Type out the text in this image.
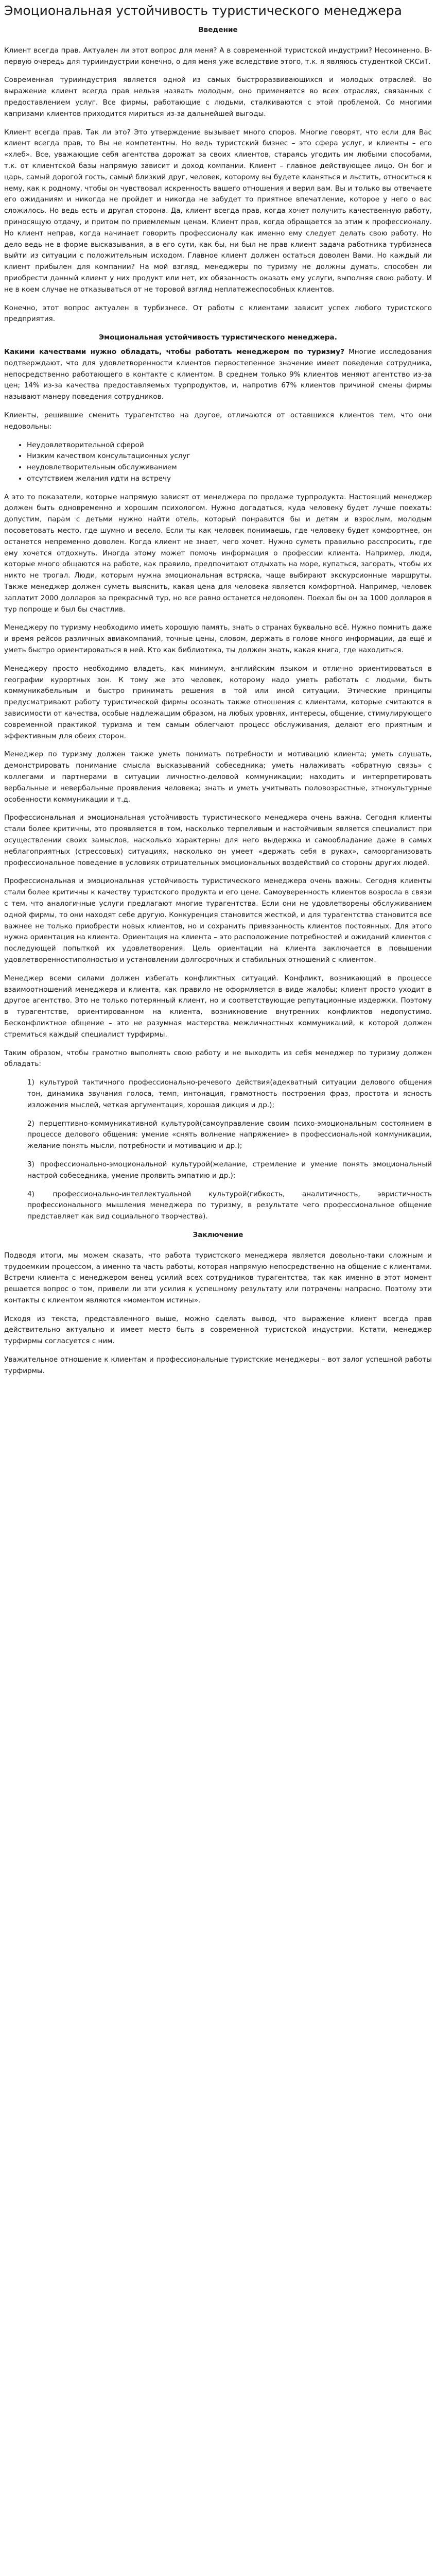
Эмоциональная устойчивость туристического менеджера
Введение

Клиент всегда прав. Актуален ли этот вопрос для меня? А в современной туристской индустрии? Несомненно. В-первую очередь для турииндустрии конечно, о для меня уже вследствие этого, т.к. я являюсь студенткой СКСиТ.

Современная турииндустрия является одной из самых быстроразвивающихся и молодых отраслей. Во выражение клиент всегда прав нельзя назвать молодым, оно применяется во всех отраслях, связанных с предоставлением услуг. Все фирмы, работающие с людьми, сталкиваются с этой проблемой. Со многими капризами клиентов приходится мириться из-за дальнейшей выгоды.

Клиент всегда прав. Так ли это? Это утверждение вызывает много споров. Многие говорят, что если для Вас клиент всегда прав, то Вы не компетентны. Но ведь туристский бизнес – это сфера услуг, и клиенты – его «хлеб». Все, уважающие себя агентства дорожат за своих клиентов, стараясь угодить им любыми способами, т.к. от клиентской базы напрямую зависит и доход компании. Клиент – главное действующее лицо. Он бог и царь, самый дорогой гость, самый близкий друг, человек, которому вы будете кланяться и льстить, относиться к нему, как к родному, чтобы он чувствовал искренность вашего отношения и верил вам. Вы и только вы отвечаете его ожиданиям и никогда не пройдет и никогда не забудет то приятное впечатление, которое у него о вас сложилось. Но ведь есть и другая сторона. Да, клиент всегда прав, когда хочет получить качественную работу, приносящую отдачу, и притом по приемлемым ценам. Клиент прав, когда обращается за этим к профессионалу. Но клиент неправ, когда начинает говорить профессионалу как именно ему следует делать свою работу. Но дело ведь не в форме высказывания, а в его сути, как бы, ни был не прав клиент задача работника турбизнеса выйти из ситуации с положительным исходом. Главное клиент должен остаться доволен Вами. Но каждый ли клиент прибылен для компании? На мой взгляд, менеджеры по туризму не должны думать, способен ли приобрести данный клиент у них продукт или нет, их обязанность оказать ему услуги, выполняя свою работу. И не в коем случае не отказываться от не торовой взгляд неплатежеспособных клиентов.

Конечно, этот вопрос актуален в турбизнесе. От работы с клиентами зависит успех любого туристского предприятия.

Эмоциональная устойчивость туристического менеджера.

Какими качествами нужно обладать, чтобы работать менеджером по туризму? Многие исследования подтверждают, что для удовлетворенности клиентов первостепенное значение имеет поведение сотрудника, непосредственно работающего в контакте с клиентом. В среднем только 9% клиентов меняют агентство из-за цен; 14% из-за качества предоставляемых турпродуктов, и, напротив 67% клиентов причиной смены фирмы называют манеру поведения сотрудников.

Клиенты, решившие сменить турагентство на другое, отличаются от оставшихся клиентов тем, что они недовольны:

• Неудовлетворительной сферой
• Низким качеством консультационных услуг
• неудовлетворительным обслуживанием
• отсутствием желания идти на встречу

А это то показатели, которые напрямую зависят от менеджера по продаже турпродукта. Настоящий менеджер должен быть одновременно и хорошим психологом. Нужно догадаться, куда человеку будет лучше поехать: допустим, парам с детьми нужно найти отель, который понравится бы и детям и взрослым, молодым посоветовать место, где шумно и весело. Если ты как человек понимаешь, где человеку будет комфортнее, он останется непременно доволен. Когда клиент не знает, чего хочет. Нужно суметь правильно расспросить, где ему хочется отдохнуть. Иногда этому может помочь информация о профессии клиента. Например, люди, которые много общаются на работе, как правило, предпочитают отдыхать на море, купаться, загорать, чтобы их никто не трогал. Люди, которым нужна эмоциональная встряска, чаще выбирают экскурсионные маршруты. Также менеджер должен суметь выяснить, какая цена для человека является комфортной. Например, человек заплатит 2000 долларов за прекрасный тур, но все равно останется недоволен. Поехал бы он за 1000 долларов в тур попроще и был бы счастлив.

Менеджеру по туризму необходимо иметь хорошую память, знать о странах буквально всё. Нужно помнить даже и время рейсов различных авиакомпаний, точные цены, словом, держать в голове много информации, да ещё и уметь быстро ориентироваться в ней. Кто как библиотека, ты должен знать, какая книга, где находиться.

Менеджеру просто необходимо владеть, как минимум, английским языком и отлично ориентироваться в географии курортных зон. К тому же это человек, которому надо уметь работать с людьми, быть коммуникабельным и быстро принимать решения в той или иной ситуации. Этические принципы предусматривают работу туристической фирмы осознать также отношения с клиентами, которые считаются в зависимости от качества, особые надлежащим образом, на любых уровнях, интересы, общение, стимулирующего современной практикой туризма и тем самым облегчают процесс обслуживания, делают его приятным и эффективным для обеих сторон.

Менеджер по туризму должен также уметь понимать потребности и мотивацию клиента; уметь слушать, демонстрировать понимание смысла высказываний собеседника; уметь налаживать «обратную связь» с коллегами и партнерами в ситуации личностно-деловой коммуникации; находить и интерпретировать вербальные и невербальные проявления человека; знать и уметь учитывать половозрастные, этнокультурные особенности коммуникации и т.д.

Профессиональная и эмоциональная устойчивость туристического менеджера очень важна. Сегодня клиенты стали более критичны, это проявляется в том, насколько терпеливым и настойчивым является специалист при осуществлении своих замыслов, насколько характерны для него выдержка и самообладание даже в самых неблагоприятных (стрессовых) ситуациях, насколько он умеет «держать себя в руках», самоорганизовать профессиональное поведение в условиях отрицательных эмоциональных воздействий со стороны других людей.

Профессиональная и эмоциональная устойчивость туристического менеджера очень важны. Сегодня клиенты стали более критичны к качеству туристского продукта и его цене. Самоуверенность клиентов возросла в связи с тем, что аналогичные услуги предлагают многие турагентства. Если они не удовлетворены обслуживанием одной фирмы, то они находят себе другую. Конкуренция становится жесткой, и для турагентства становится все важнее не только приобрести новых клиентов, но и сохранить привязанность клиентов постоянных. Для этого нужна ориентация на клиента. Ориентация на клиента – это расположение потребностей и ожиданий клиентов с последующей попыткой их удовлетворения. Цель ориентации на клиента заключается в повышении удовлетворенностиполностью и установлении долгосрочных и стабильных отношений с клиентом.

Менеджер всеми силами должен избегать конфликтных ситуаций. Конфликт, возникающий в процессе взаимоотношений менеджера и клиента, как правило не оформляется в виде жалобы; клиент просто уходит в другое агентство. Это не только потерянный клиент, но и соответствующие репутационные издержки. Поэтому в турагентстве, ориентированном на клиента, возникновение внутренних конфликтов недопустимо. Бесконфликтное общение – это не разумная мастерства межличностных коммуникаций, к которой должен стремиться каждый специалист турфирмы.

Таким образом, чтобы грамотно выполнять свою работу и не выходить из себя менеджер по туризму должен обладать:

1) культурой тактичного профессионально-речевого действия(адекватный ситуации делового общения тон, динамика звучания голоса, темп, интонация, грамотность построения фраз, простота и ясность изложения мыслей, четкая аргументация, хорошая дикция и др.);
2) перцептивно-коммуникативной культурой(самоуправление своим психо-эмоциональным состоянием в процессе делового общения: умение «снять волнение напряжение» в профессиональной коммуникации, желание понять мысли, потребности и мотивацию и др.);
3) профессионально-эмоциональной культурой(желание, стремление и умение понять эмоциональный настрой собеседника, умение проявить эмпатию и др.);
4)	профессионально-интеллектуальной культурой(гибкость, аналитичность, эвристичность профессионального мышления менеджера по туризму, в результате чего профессиональное общение представляет как вид социального творчества).
Заключение

Подводя итоги, мы можем сказать, что работа туристского менеджера является довольно-таки сложным и трудоемким процессом, а именно та часть работы, которая напрямую непосредственно на общение с клиентами. Встречи клиента с менеджером венец усилий всех сотрудников турагентства, так как именно в этот момент решается вопрос о том, привели ли эти усилия к успешному результату или потрачены напрасно. Поэтому эти контакты с клиентом являются «моментом истины».

Исходя из текста, представленного выше, можно сделать вывод, что выражение клиент всегда прав действительно актуально и имеет место быть в современной туристской индустрии. Кстати, менеджер турфирмы согласуется с ним.

Уважительное отношение к клиентам и профессиональные туристские менеджеры – вот залог успешной работы турфирмы.
